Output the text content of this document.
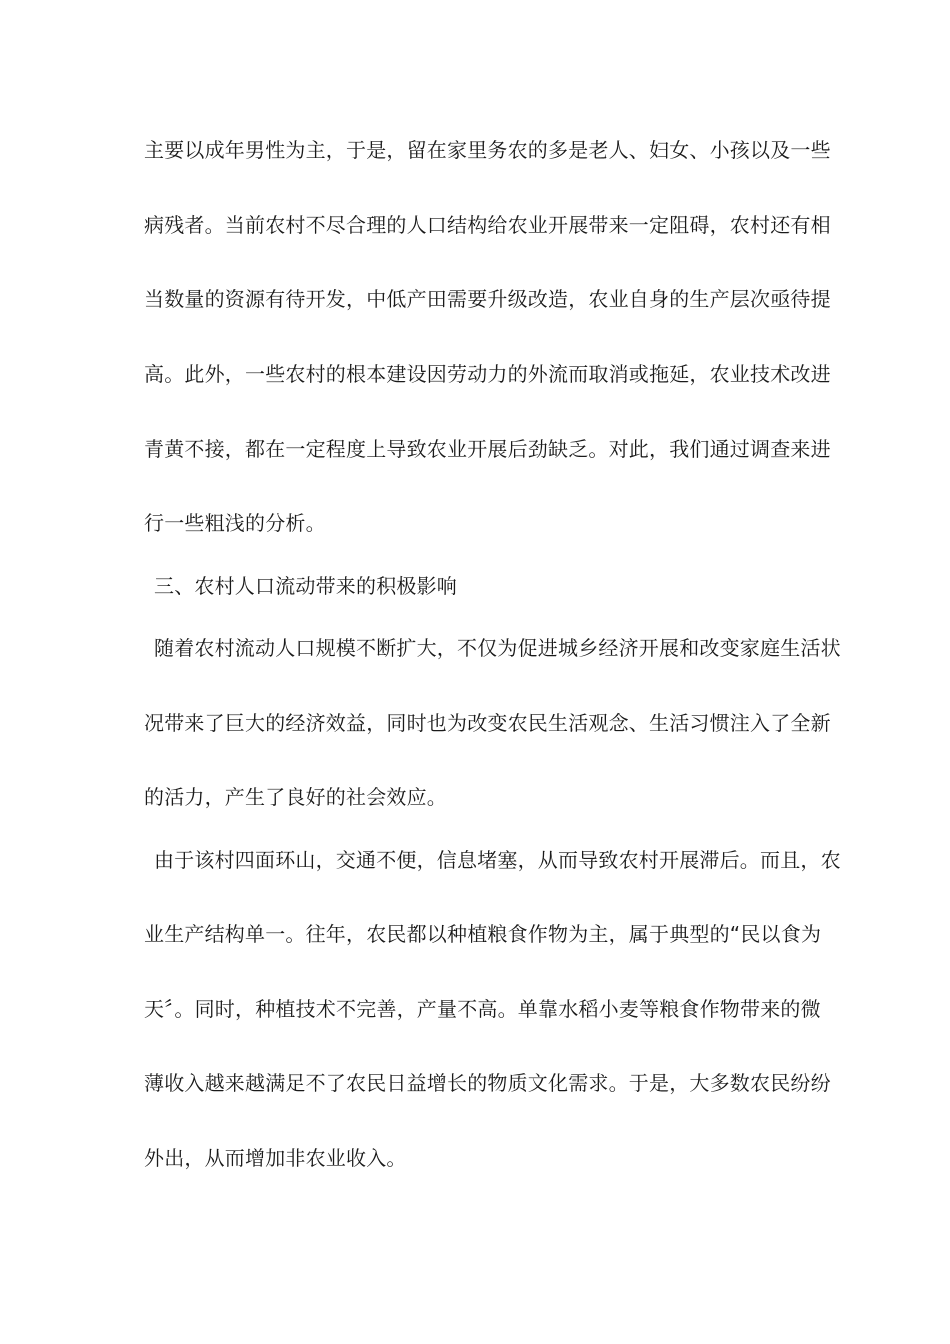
主要以成年男性为主，于是，留在家里务农的多是老人、妇女、小孩以及一些
病残者。当前农村不尽合理的人口结构给农业开展带来一定阻碍，农村还有相
当数量的资源有待开发，中低产田需要升级改造，农业自身的生产层次亟待提
高。此外，一些农村的根本建设因劳动力的外流而取消或拖延，农业技术改进
青黄不接，都在一定程度上导致农业开展后劲缺乏。对此，我们通过调查来进
行一些粗浅的分析。
三、农村人口流动带来的积极影响
随着农村流动人口规模不断扩大，不仅为促进城乡经济开展和改变家庭生活状
况带来了巨大的经济效益，同时也为改变农民生活观念、生活习惯注入了全新
的活力，产生了良好的社会效应。
由于该村四面环山，交通不便，信息堵塞，从而导致农村开展滞后。而且，农
业生产结构单一。往年，农民都以种植粮食作物为主，属于典型的“民以食为
天〞。同时，种植技术不完善，产量不高。单靠水稻小麦等粮食作物带来的微
薄收入越来越满足不了农民日益增长的物质文化需求。于是，大多数农民纷纷
外出，从而增加非农业收入。
